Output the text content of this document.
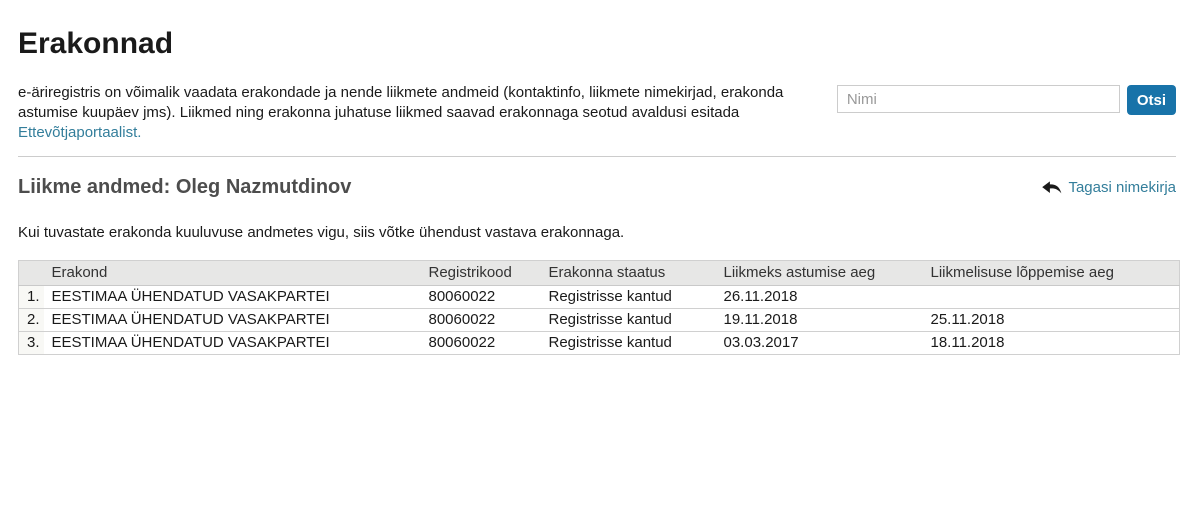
Erakonnad

e-äriregistris on võimalik vaadata erakondade ja nende liikmete andmeid (kontaktinfo, liikmete nimekirjad, erakonda astumise kuupäev jms). Liikmed ning erakonna juhatuse liikmed saavad erakonnaga seotud avaldusi esitada Ettevõtjaportaalist.

Nimi
Otsi
Liikme andmed: Oleg Nazmutdinov	Tagasi nimekirja

Kui tuvastate erakonda kuuluvuse andmetes vigu, siis võtke ühendust vastava erakonnaga.

	Erakond	Registrikood	Erakonna staatus	Liikmeks astumise aeg	Liikmelisuse lõppemise aeg
1.	EESTIMAA ÜHENDATUD VASAKPARTEI	80060022	Registrisse kantud	26.11.2018	
2.	EESTIMAA ÜHENDATUD VASAKPARTEI	80060022	Registrisse kantud	19.11.2018	25.11.2018
3.	EESTIMAA ÜHENDATUD VASAKPARTEI	80060022	Registrisse kantud	03.03.2017	18.11.2018
